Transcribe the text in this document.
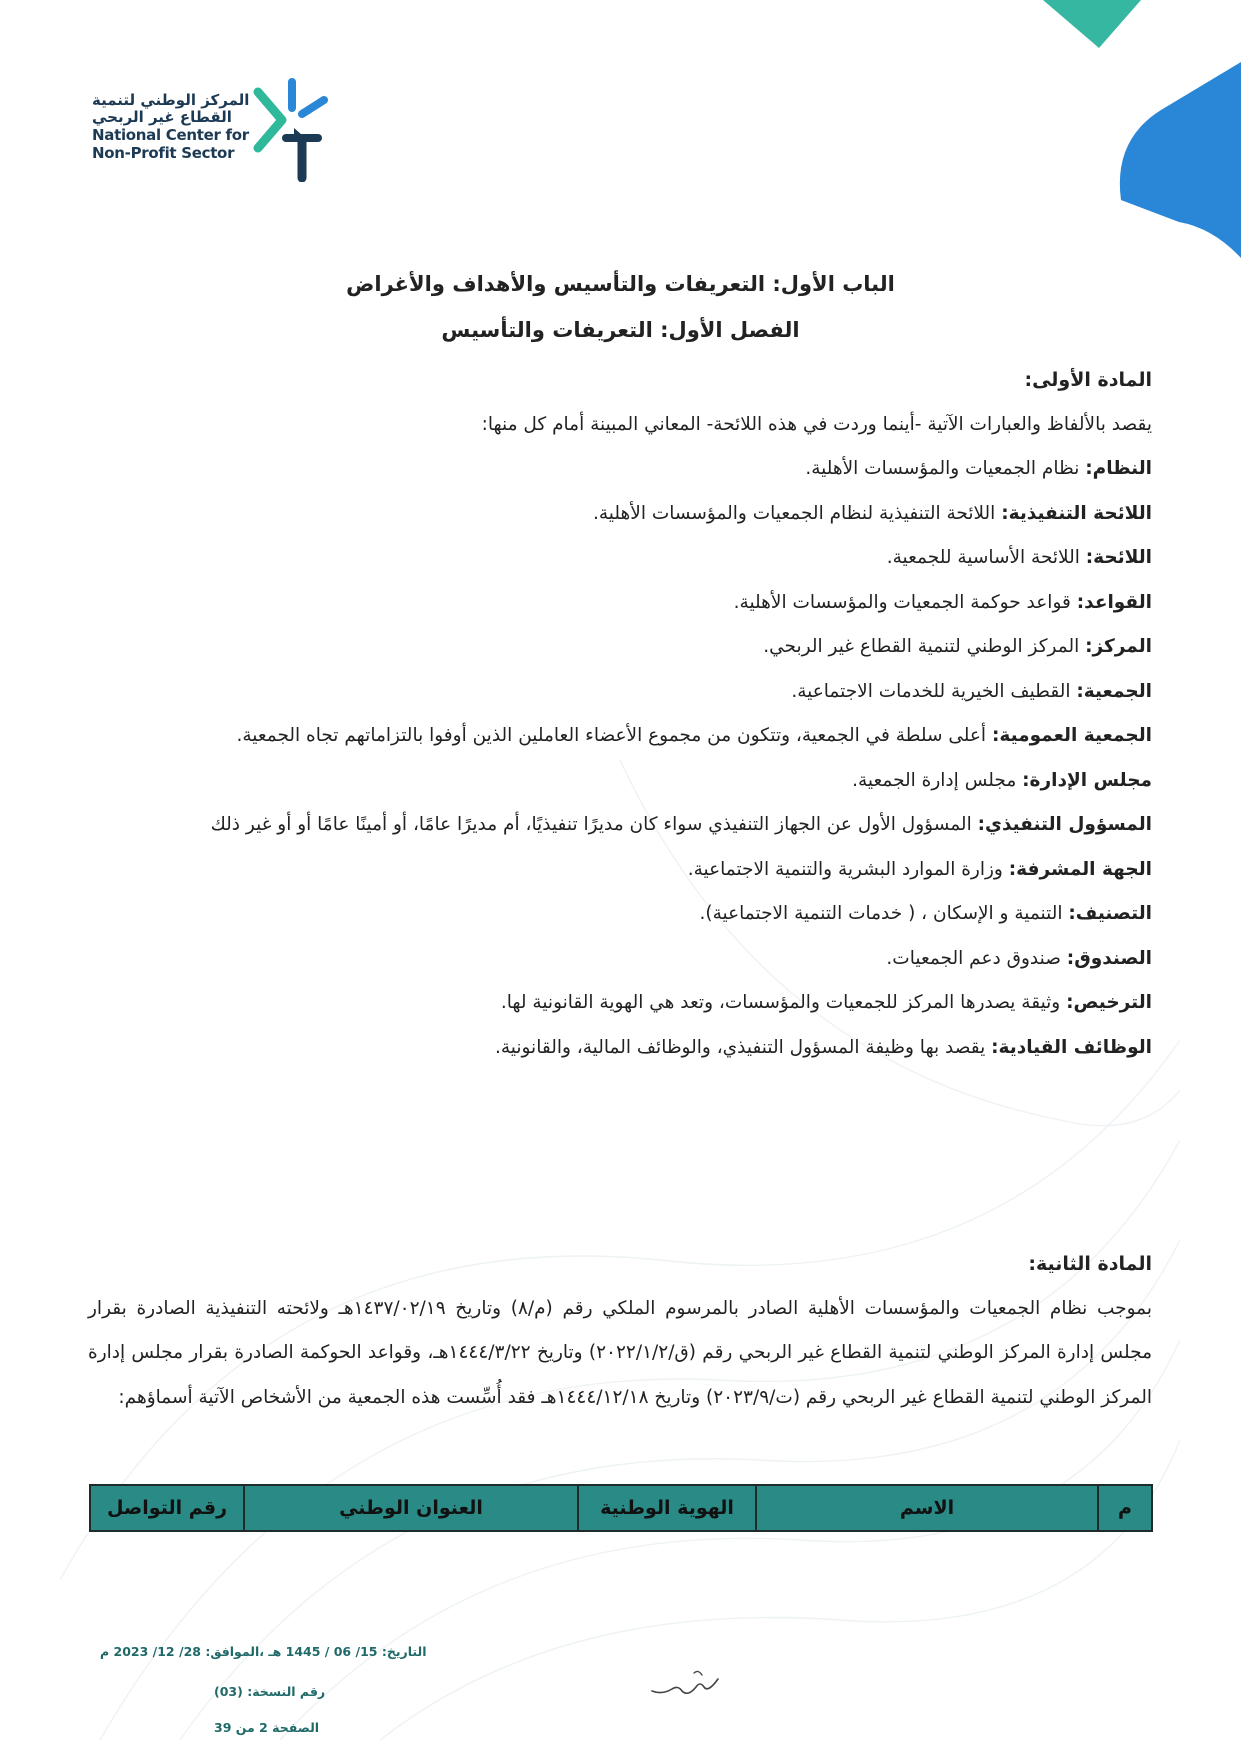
المركز الوطني لتنمية
القطاع غير الربحي
National Center for
Non-Profit Sector
الباب الأول: التعريفات والتأسيس والأهداف والأغراض
الفصل الأول: التعريفات والتأسيس

المادة الأولى:

يقصد بالألفاظ والعبارات الآتية -أينما وردت في هذه اللائحة- المعاني المبينة أمام كل منها:

النظام: نظام الجمعيات والمؤسسات الأهلية.

اللائحة التنفيذية: اللائحة التنفيذية لنظام الجمعيات والمؤسسات الأهلية.

اللائحة: اللائحة الأساسية للجمعية.

القواعد: قواعد حوكمة الجمعيات والمؤسسات الأهلية.

المركز: المركز الوطني لتنمية القطاع غير الربحي.

الجمعية: القطيف الخيرية للخدمات الاجتماعية.

الجمعية العمومية: أعلى سلطة في الجمعية، وتتكون من مجموع الأعضاء العاملين الذين أوفوا بالتزاماتهم تجاه الجمعية.

مجلس الإدارة: مجلس إدارة الجمعية.

المسؤول التنفيذي: المسؤول الأول عن الجهاز التنفيذي سواء كان مديرًا تنفيذيًا، أم مديرًا عامًا، أو أمينًا عامًا أو أو غير ذلك

الجهة المشرفة: وزارة الموارد البشرية والتنمية الاجتماعية.

التصنيف: التنمية و الإسكان ، ( خدمات التنمية الاجتماعية).

الصندوق: صندوق دعم الجمعيات.

الترخيص: وثيقة يصدرها المركز للجمعيات والمؤسسات، وتعد هي الهوية القانونية لها.

الوظائف القيادية: يقصد بها وظيفة المسؤول التنفيذي، والوظائف المالية، والقانونية.

المادة الثانية:

بموجب نظام الجمعيات والمؤسسات الأهلية الصادر بالمرسوم الملكي رقم (م/٨) وتاريخ ١٤٣٧/٠٢/١٩هـ ولائحته التنفيذية الصادرة بقرار مجلس إدارة المركز الوطني لتنمية القطاع غير الربحي رقم (ق/٢٠٢٢/١/٢) وتاريخ ١٤٤٤/٣/٢٢هـ، وقواعد الحوكمة الصادرة بقرار مجلس إدارة المركز الوطني لتنمية القطاع غير الربحي رقم (ت/٢٠٢٣/٩) وتاريخ ١٤٤٤/١٢/١٨هـ فقد أُسِّست هذه الجمعية من الأشخاص الآتية أسماؤهم:

م	الاسم	الهوية الوطنية	العنوان الوطني	رقم التواصل
التاريخ: 15/ 06 / 1445 هـ ،الموافق: 28/ 12/ 2023 م
رقم النسخة: (03)
الصفحة 2 من 39
